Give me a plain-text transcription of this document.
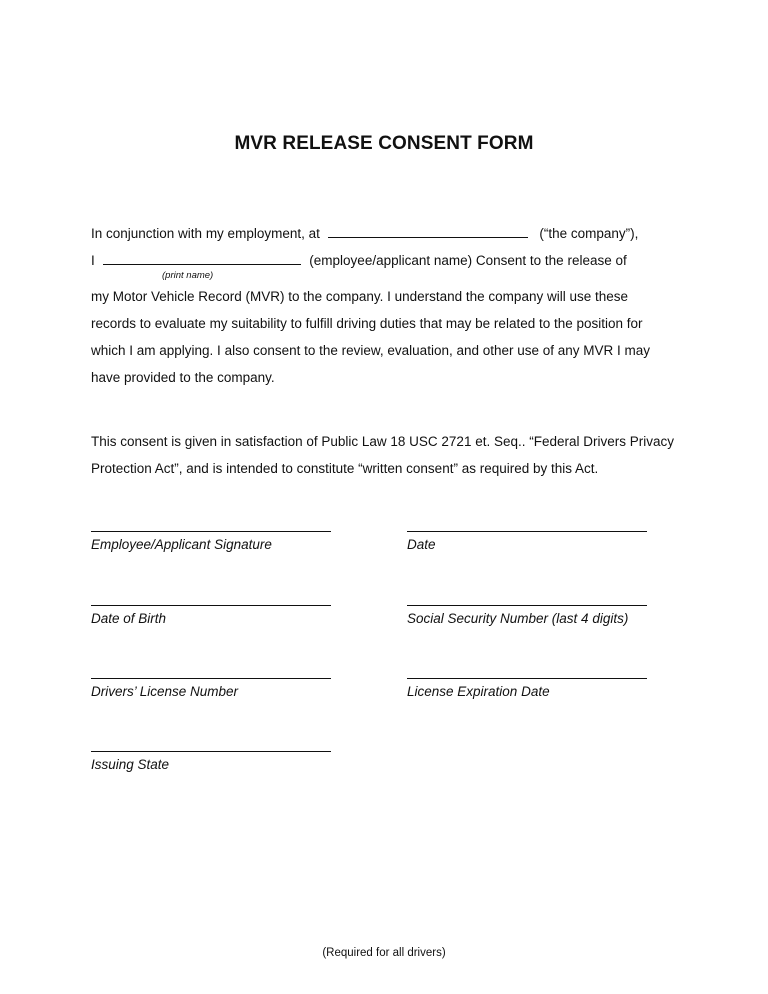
MVR RELEASE CONSENT FORM
In conjunction with my employment, at	(“the company”),
I	(employee/applicant name) Consent to the release of
(print name)
my Motor Vehicle Record (MVR) to the company. I understand the company will use these
records to evaluate my suitability to fulfill driving duties that may be related to the position for
which I am applying. I also consent to the review, evaluation, and other use of any MVR I may
have provided to the company.
This consent is given in satisfaction of Public Law 18 USC 2721 et. Seq.. “Federal Drivers Privacy
Protection Act”, and is intended to constitute “written consent” as required by this Act.
Employee/Applicant Signature	Date
Date of Birth	Social Security Number (last 4 digits)
Drivers’ License Number	License Expiration Date
Issuing State
(Required for all drivers)
